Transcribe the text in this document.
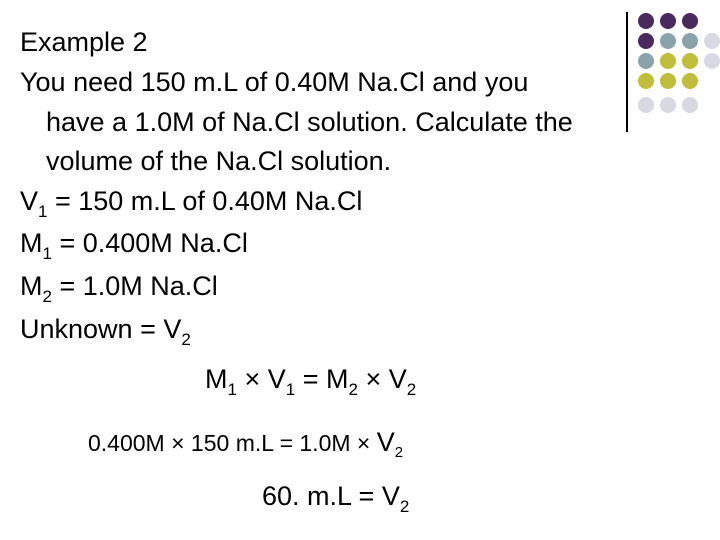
Example 2
You need 150 m.L of 0.40M Na.Cl and you
have a 1.0M of Na.Cl solution. Calculate the
volume of the Na.Cl solution.
$V_1 = 150$ m.L of 0.40M Na.Cl
$M_1 = 0.400M$ Na.Cl
$M_2 = 1.0M$ Na.Cl
Unknown = $V_2$
$M_1 \times V_1 = M_2 \times V_2$
0.400M × 150 $m.L = 1.0M \times V_2$
60. $m.L = V_2$
